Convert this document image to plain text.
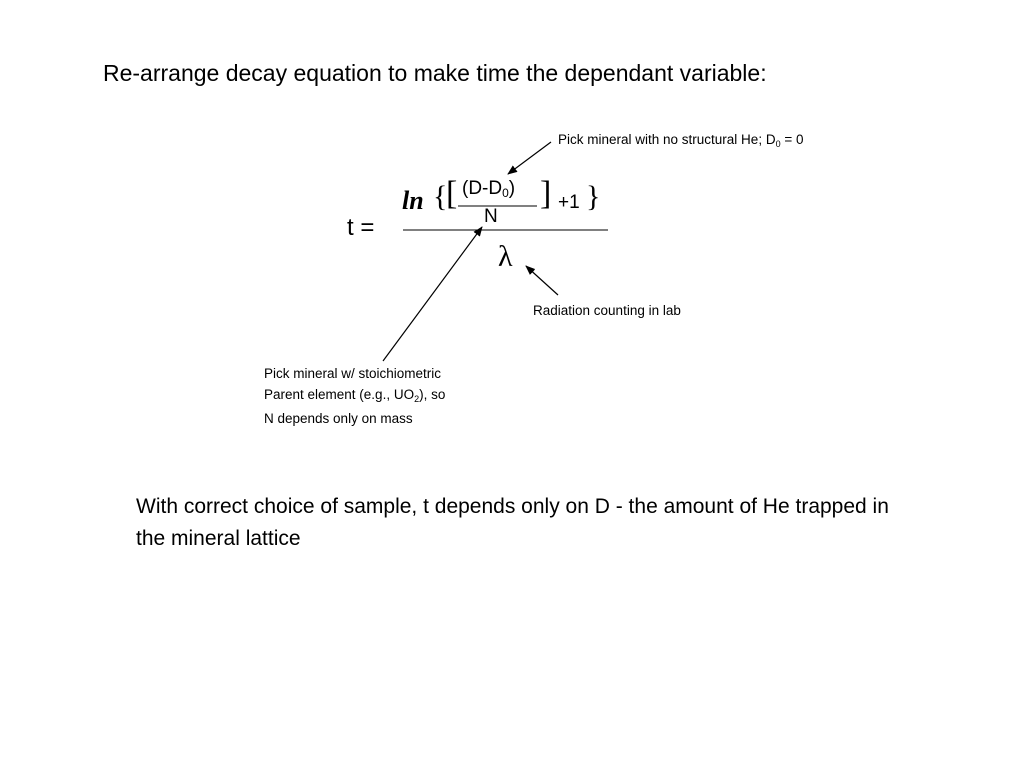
Re-arrange decay equation to make time the dependant variable:
Pick mineral with no structural He; $D_0 = 0$
t =
ln {
[ $(D-D_0)$
N
] +1 }
λ
Radiation counting in lab
Pick mineral w/ stoichiometric
Parent element (e.g., $UO_2$), so
N depends only on mass
With correct choice of sample, t depends only on D - the amount of He trapped in the mineral lattice
